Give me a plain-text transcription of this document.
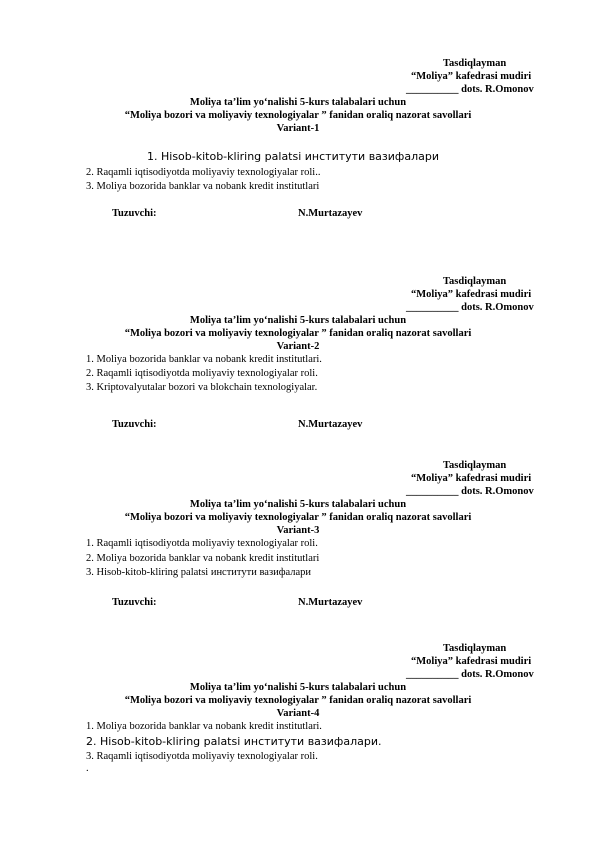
Tasdiqlayman
“Moliya” kafedrasi mudiri
__________ dots. R.Omonov
Moliya ta’lim yo‘nalishi 5-kurs talabalari uchun
“Moliya bozori va moliyaviy texnologiyalar ” fanidan oraliq nazorat savollari
Variant-1
1. Hisob-kitob-kliring palatsi институти вазифалари
2. Raqamli iqtisodiyotda moliyaviy texnologiyalar roli..
3. Moliya bozorida banklar va nobank kredit institutlari
Tuzuvchi:	N.Murtazayev
Tasdiqlayman
“Moliya” kafedrasi mudiri
__________ dots. R.Omonov
Moliya ta’lim yo‘nalishi 5-kurs talabalari uchun
“Moliya bozori va moliyaviy texnologiyalar ” fanidan oraliq nazorat savollari
Variant-2
1. Moliya bozorida banklar va nobank kredit institutlari.
2. Raqamli iqtisodiyotda moliyaviy texnologiyalar roli.
3. Kriptovalyutalar bozori va blokchain texnologiyalar.
Tuzuvchi:	N.Murtazayev
Tasdiqlayman
“Moliya” kafedrasi mudiri
__________ dots. R.Omonov
Moliya ta’lim yo‘nalishi 5-kurs talabalari uchun
“Moliya bozori va moliyaviy texnologiyalar ” fanidan oraliq nazorat savollari
Variant-3
1. Raqamli iqtisodiyotda moliyaviy texnologiyalar roli.
2. Moliya bozorida banklar va nobank kredit institutlari
3. Hisob-kitob-kliring palatsi институти вазифалари
Tuzuvchi:	N.Murtazayev
Tasdiqlayman
“Moliya” kafedrasi mudiri
__________ dots. R.Omonov
Moliya ta’lim yo‘nalishi 5-kurs talabalari uchun
“Moliya bozori va moliyaviy texnologiyalar ” fanidan oraliq nazorat savollari
Variant-4
1. Moliya bozorida banklar va nobank kredit institutlari.
2. Hisob-kitob-kliring palatsi институти вазифалари.
3. Raqamli iqtisodiyotda moliyaviy texnologiyalar roli.
.
